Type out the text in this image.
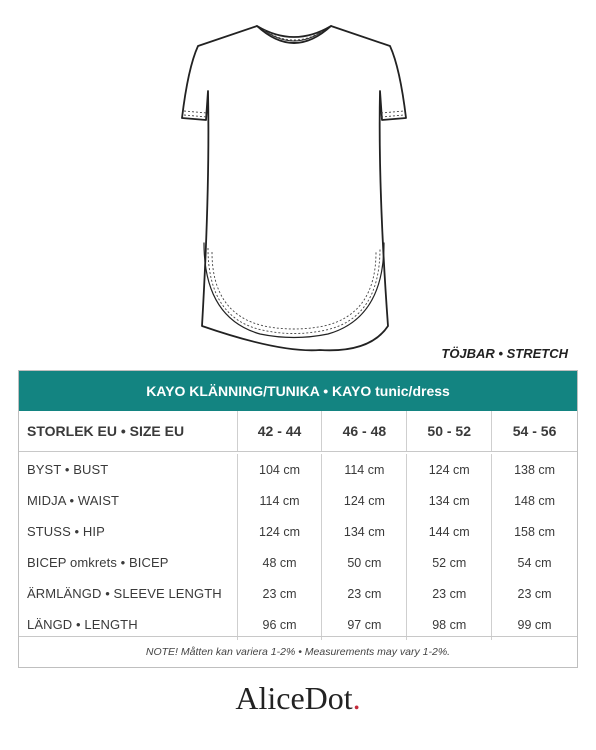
TÖJBAR • STRETCH
KAYO KLÄNNING/TUNIKA • KAYO tunic/dress
STORLEK EU • SIZE EU	42 - 44	46 - 48	50 - 52	54 - 56
BYST • BUST	104 cm	114 cm	124 cm	138 cm
MIDJA • WAIST	114 cm	124 cm	134 cm	148 cm
STUSS • HIP	124 cm	134 cm	144 cm	158 cm
BICEP omkrets • BICEP	48 cm	50 cm	52 cm	54 cm
ÄRMLÄNGD • SLEEVE LENGTH	23 cm	23 cm	23 cm	23 cm
LÄNGD • LENGTH	96 cm	97 cm	98 cm	99 cm
NOTE! Måtten kan variera 1-2% • Measurements may vary 1-2%.
AliceDot.
